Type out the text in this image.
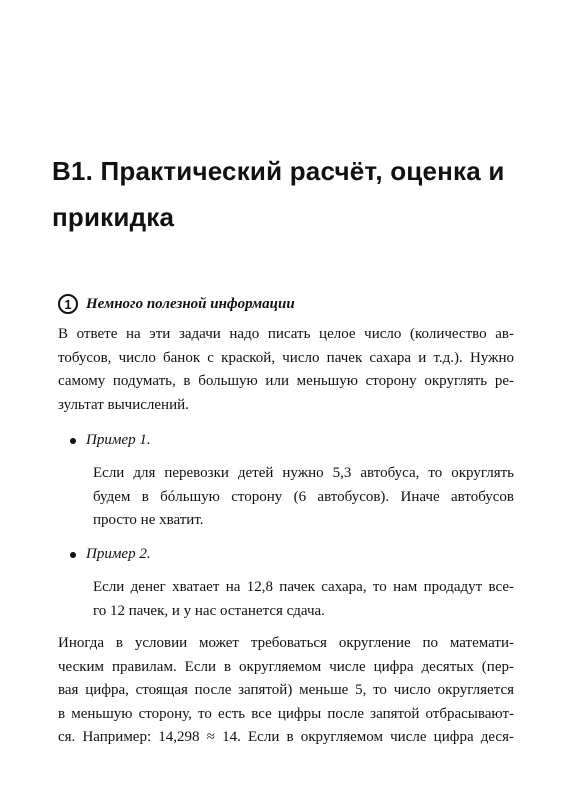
B1. Практический расчёт, оценка и
прикидка
1 Немного полезной информации

В ответе на эти задачи надо писать целое число (количество ав-
тобусов, число банок с краской, число пачек сахара и т.д.). Нужно
самому подумать, в большую или меньшую сторону округлять ре-
зультат вычислений.

Пример 1.

Если для перевозки детей нужно 5,3 автобуса, то округлять
будем в бóльшую сторону (6 автобусов). Иначе автобусов
просто не хватит.

Пример 2.

Если денег хватает на 12,8 пачек сахара, то нам продадут все-
го 12 пачек, и у нас останется сдача.

Иногда в условии может требоваться округление по математи-
ческим правилам. Если в округляемом числе цифра десятых (пер-
вая цифра, стоящая после запятой) меньше 5, то число округляется
в меньшую сторону, то есть все цифры после запятой отбрасывают-
ся. Например: 14,298 ≈ 14. Если в округляемом числе цифра деся-
